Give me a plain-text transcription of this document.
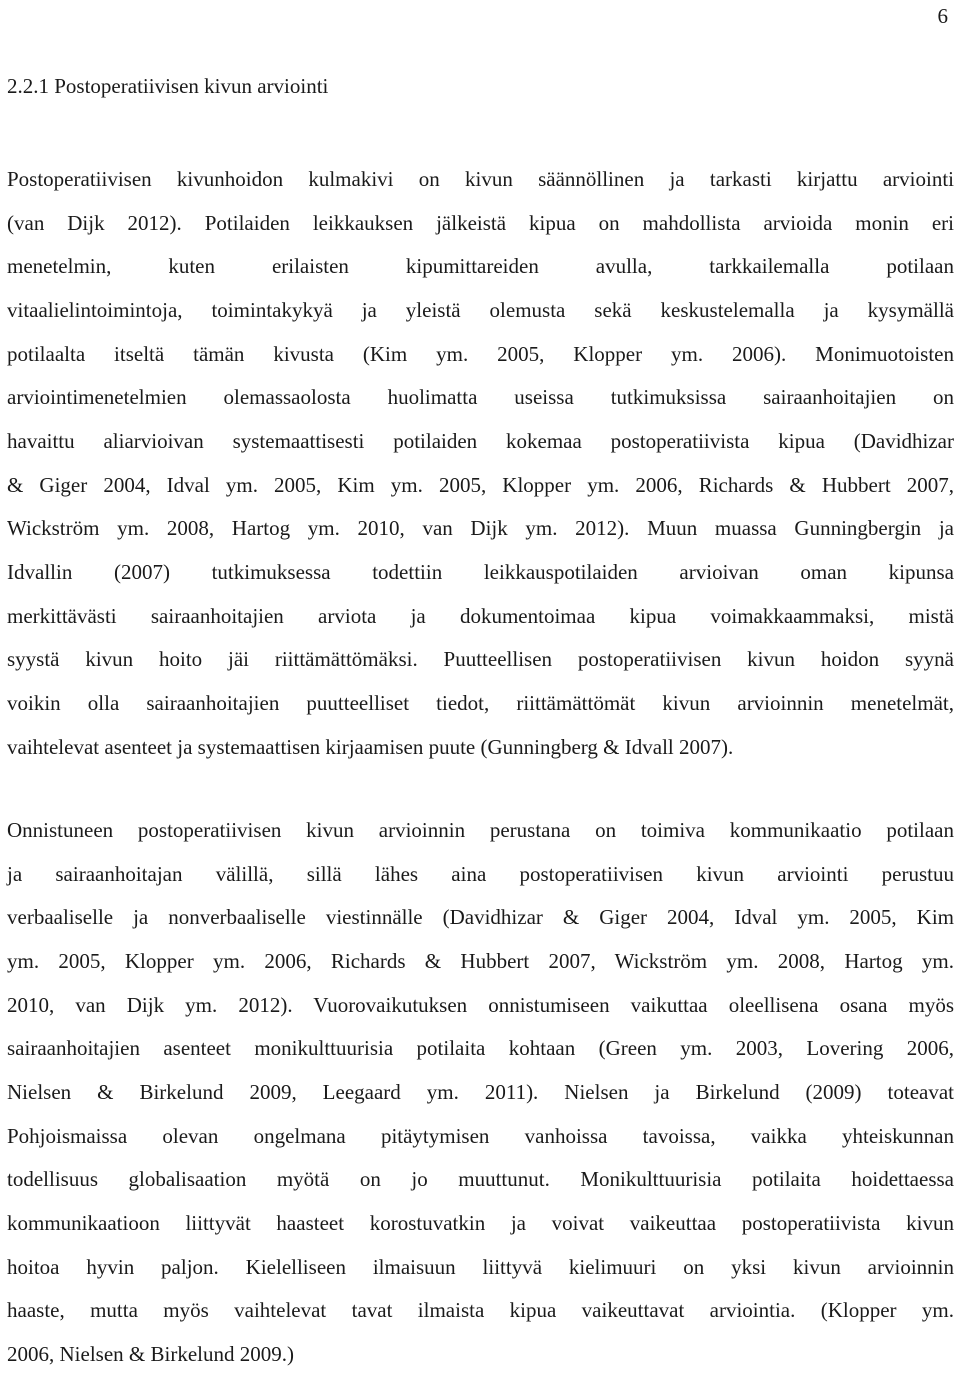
6
2.2.1 Postoperatiivisen kivun arviointi
Postoperatiivisen kivunhoidon kulmakivi on kivun säännöllinen ja tarkasti kirjattu arviointi
(van Dijk 2012). Potilaiden leikkauksen jälkeistä kipua on mahdollista arvioida monin eri
menetelmin, kuten erilaisten kipumittareiden avulla, tarkkailemalla potilaan
vitaalielintoimintoja, toimintakykyä ja yleistä olemusta sekä keskustelemalla ja kysymällä
potilaalta itseltä tämän kivusta (Kim ym. 2005, Klopper ym. 2006). Monimuotoisten
arviointimenetelmien olemassaolosta huolimatta useissa tutkimuksissa sairaanhoitajien on
havaittu aliarvioivan systemaattisesti potilaiden kokemaa postoperatiivista kipua (Davidhizar
& Giger 2004, Idval ym. 2005, Kim ym. 2005, Klopper ym. 2006, Richards & Hubbert 2007,
Wickström ym. 2008, Hartog ym. 2010, van Dijk ym. 2012). Muun muassa Gunningbergin ja
Idvallin (2007) tutkimuksessa todettiin leikkauspotilaiden arvioivan oman kipunsa
merkittävästi sairaanhoitajien arviota ja dokumentoimaa kipua voimakkaammaksi, mistä
syystä kivun hoito jäi riittämättömäksi. Puutteellisen postoperatiivisen kivun hoidon syynä
voikin olla sairaanhoitajien puutteelliset tiedot, riittämättömät kivun arvioinnin menetelmät,
vaihtelevat asenteet ja systemaattisen kirjaamisen puute (Gunningberg & Idvall 2007).
Onnistuneen postoperatiivisen kivun arvioinnin perustana on toimiva kommunikaatio potilaan
ja sairaanhoitajan välillä, sillä lähes aina postoperatiivisen kivun arviointi perustuu
verbaaliselle ja nonverbaaliselle viestinnälle (Davidhizar & Giger 2004, Idval ym. 2005, Kim
ym. 2005, Klopper ym. 2006, Richards & Hubbert 2007, Wickström ym. 2008, Hartog ym.
2010, van Dijk ym. 2012). Vuorovaikutuksen onnistumiseen vaikuttaa oleellisena osana myös
sairaanhoitajien asenteet monikulttuurisia potilaita kohtaan (Green ym. 2003, Lovering 2006,
Nielsen & Birkelund 2009, Leegaard ym. 2011). Nielsen ja Birkelund (2009) toteavat
Pohjoismaissa olevan ongelmana pitäytymisen vanhoissa tavoissa, vaikka yhteiskunnan
todellisuus globalisaation myötä on jo muuttunut. Monikulttuurisia potilaita hoidettaessa
kommunikaatioon liittyvät haasteet korostuvatkin ja voivat vaikeuttaa postoperatiivista kivun
hoitoa hyvin paljon. Kielelliseen ilmaisuun liittyvä kielimuuri on yksi kivun arvioinnin
haaste, mutta myös vaihtelevat tavat ilmaista kipua vaikeuttavat arviointia. (Klopper ym.
2006, Nielsen & Birkelund 2009.)
